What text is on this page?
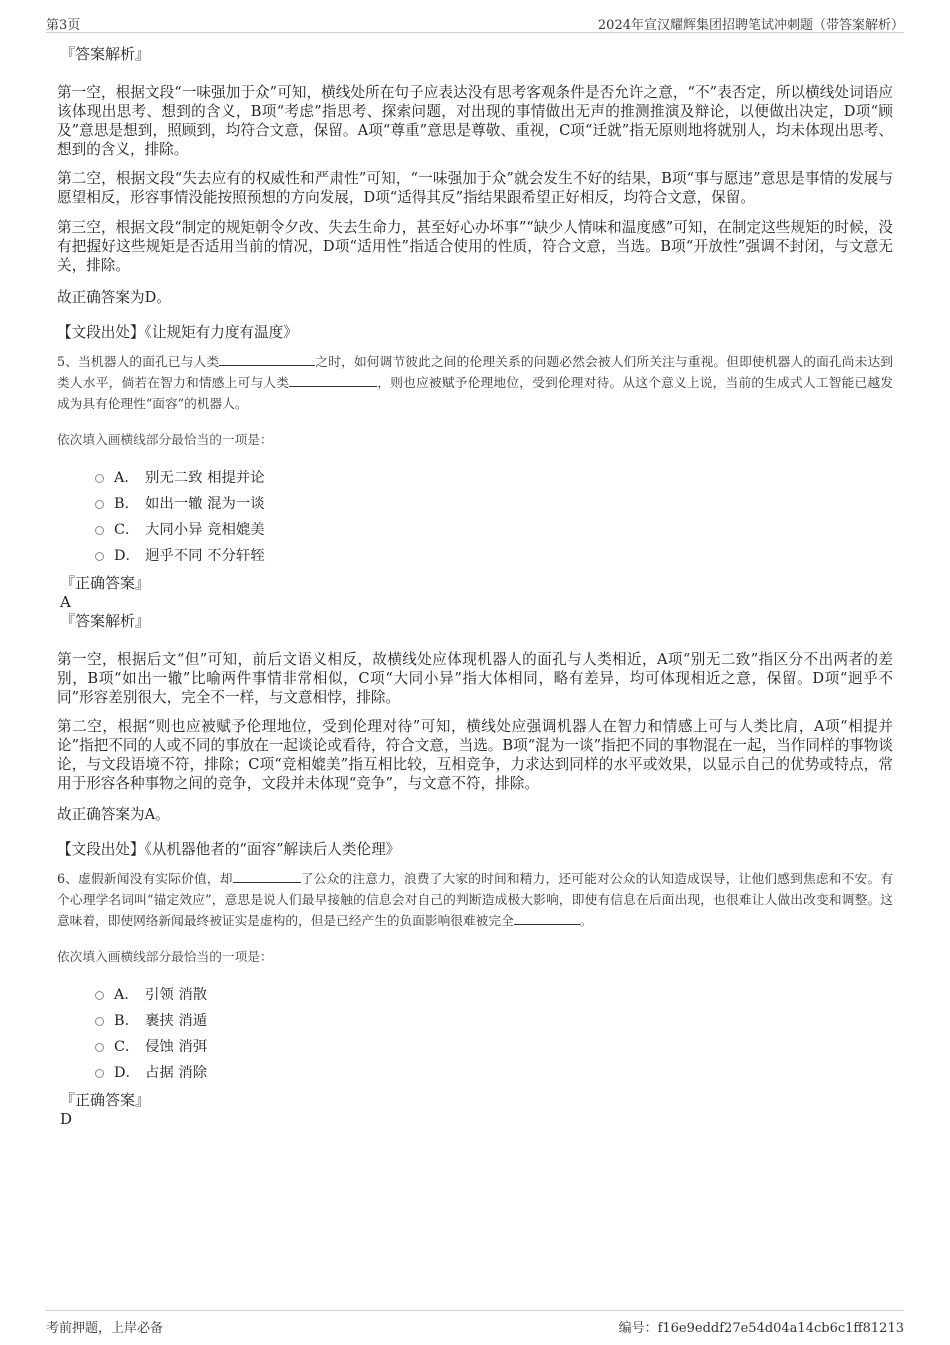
第3页	2024年宣汉耀辉集团招聘笔试冲刺题（带答案解析）
『答案解析』

第一空，根据文段“一味强加于众”可知，横线处所在句子应表达没有思考客观条件是否允许之意，“不”表否定，所以横线处词语应该体现出思考、想到的含义，B项“考虑”指思考、探索问题，对出现的事情做出无声的推测推演及辩论，以便做出决定，D项“顾及”意思是想到，照顾到，均符合文意，保留。A项“尊重”意思是尊敬、重视，C项“迁就”指无原则地将就别人，均未体现出思考、想到的含义，排除。

第二空，根据文段“失去应有的权威性和严肃性”可知，“一味强加于众”就会发生不好的结果，B项“事与愿违”意思是事情的发展与愿望相反，形容事情没能按照预想的方向发展，D项“适得其反”指结果跟希望正好相反，均符合文意，保留。

第三空，根据文段“制定的规矩朝令夕改、失去生命力，甚至好心办坏事”“缺少人情味和温度感”可知，在制定这些规矩的时候，没有把握好这些规矩是否适用当前的情况，D项“适用性”指适合使用的性质，符合文意，当选。B项“开放性”强调不封闭，与文意无关，排除。

故正确答案为D。

【文段出处】《让规矩有力度有温度》

5、当机器人的面孔已与人类	之时，如何调节彼此之间的伦理关系的问题必然会被人们所关注与重视。但即使机器人的面孔尚未达到类人水平，倘若在智力和情感上可与人类	，则也应被赋予伦理地位，受到伦理对待。从这个意义上说，当前的生成式人工智能已越发成为具有伦理性“面容”的机器人。

依次填入画横线部分最恰当的一项是：

A． 别无二致 相提并论
B． 如出一辙 混为一谈
C． 大同小异 竞相媲美
D． 迥乎不同 不分轩轾
『正确答案』
A
『答案解析』

第一空，根据后文“但”可知，前后文语义相反，故横线处应体现机器人的面孔与人类相近，A项“别无二致”指区分不出两者的差别，B项“如出一辙”比喻两件事情非常相似，C项“大同小异”指大体相同，略有差异，均可体现相近之意，保留。D项“迥乎不同”形容差别很大，完全不一样，与文意相悖，排除。

第二空，根据“则也应被赋予伦理地位，受到伦理对待”可知，横线处应强调机器人在智力和情感上可与人类比肩，A项“相提并论”指把不同的人或不同的事放在一起谈论或看待，符合文意，当选。B项“混为一谈”指把不同的事物混在一起，当作同样的事物谈论，与文段语境不符，排除；C项“竞相媲美”指互相比较，互相竞争，力求达到同样的水平或效果，以显示自己的优势或特点，常用于形容各种事物之间的竞争，文段并未体现“竞争”，与文意不符，排除。

故正确答案为A。

【文段出处】《从机器他者的“面容”解读后人类伦理》

6、虚假新闻没有实际价值，却	了公众的注意力，浪费了大家的时间和精力，还可能对公众的认知造成误导，让他们感到焦虑和不安。有个心理学名词叫“锚定效应”，意思是说人们最早接触的信息会对自己的判断造成极大影响，即使有信息在后面出现，也很难让人做出改变和调整。这意味着，即使网络新闻最终被证实是虚构的，但是已经产生的负面影响很难被完全	。

依次填入画横线部分最恰当的一项是：

A． 引领 消散
B． 裹挟 消遁
C． 侵蚀 消弭
D． 占据 消除
『正确答案』
D
考前押题，上岸必备	编号：f16e9eddf27e54d04a14cb6c1ff81213
